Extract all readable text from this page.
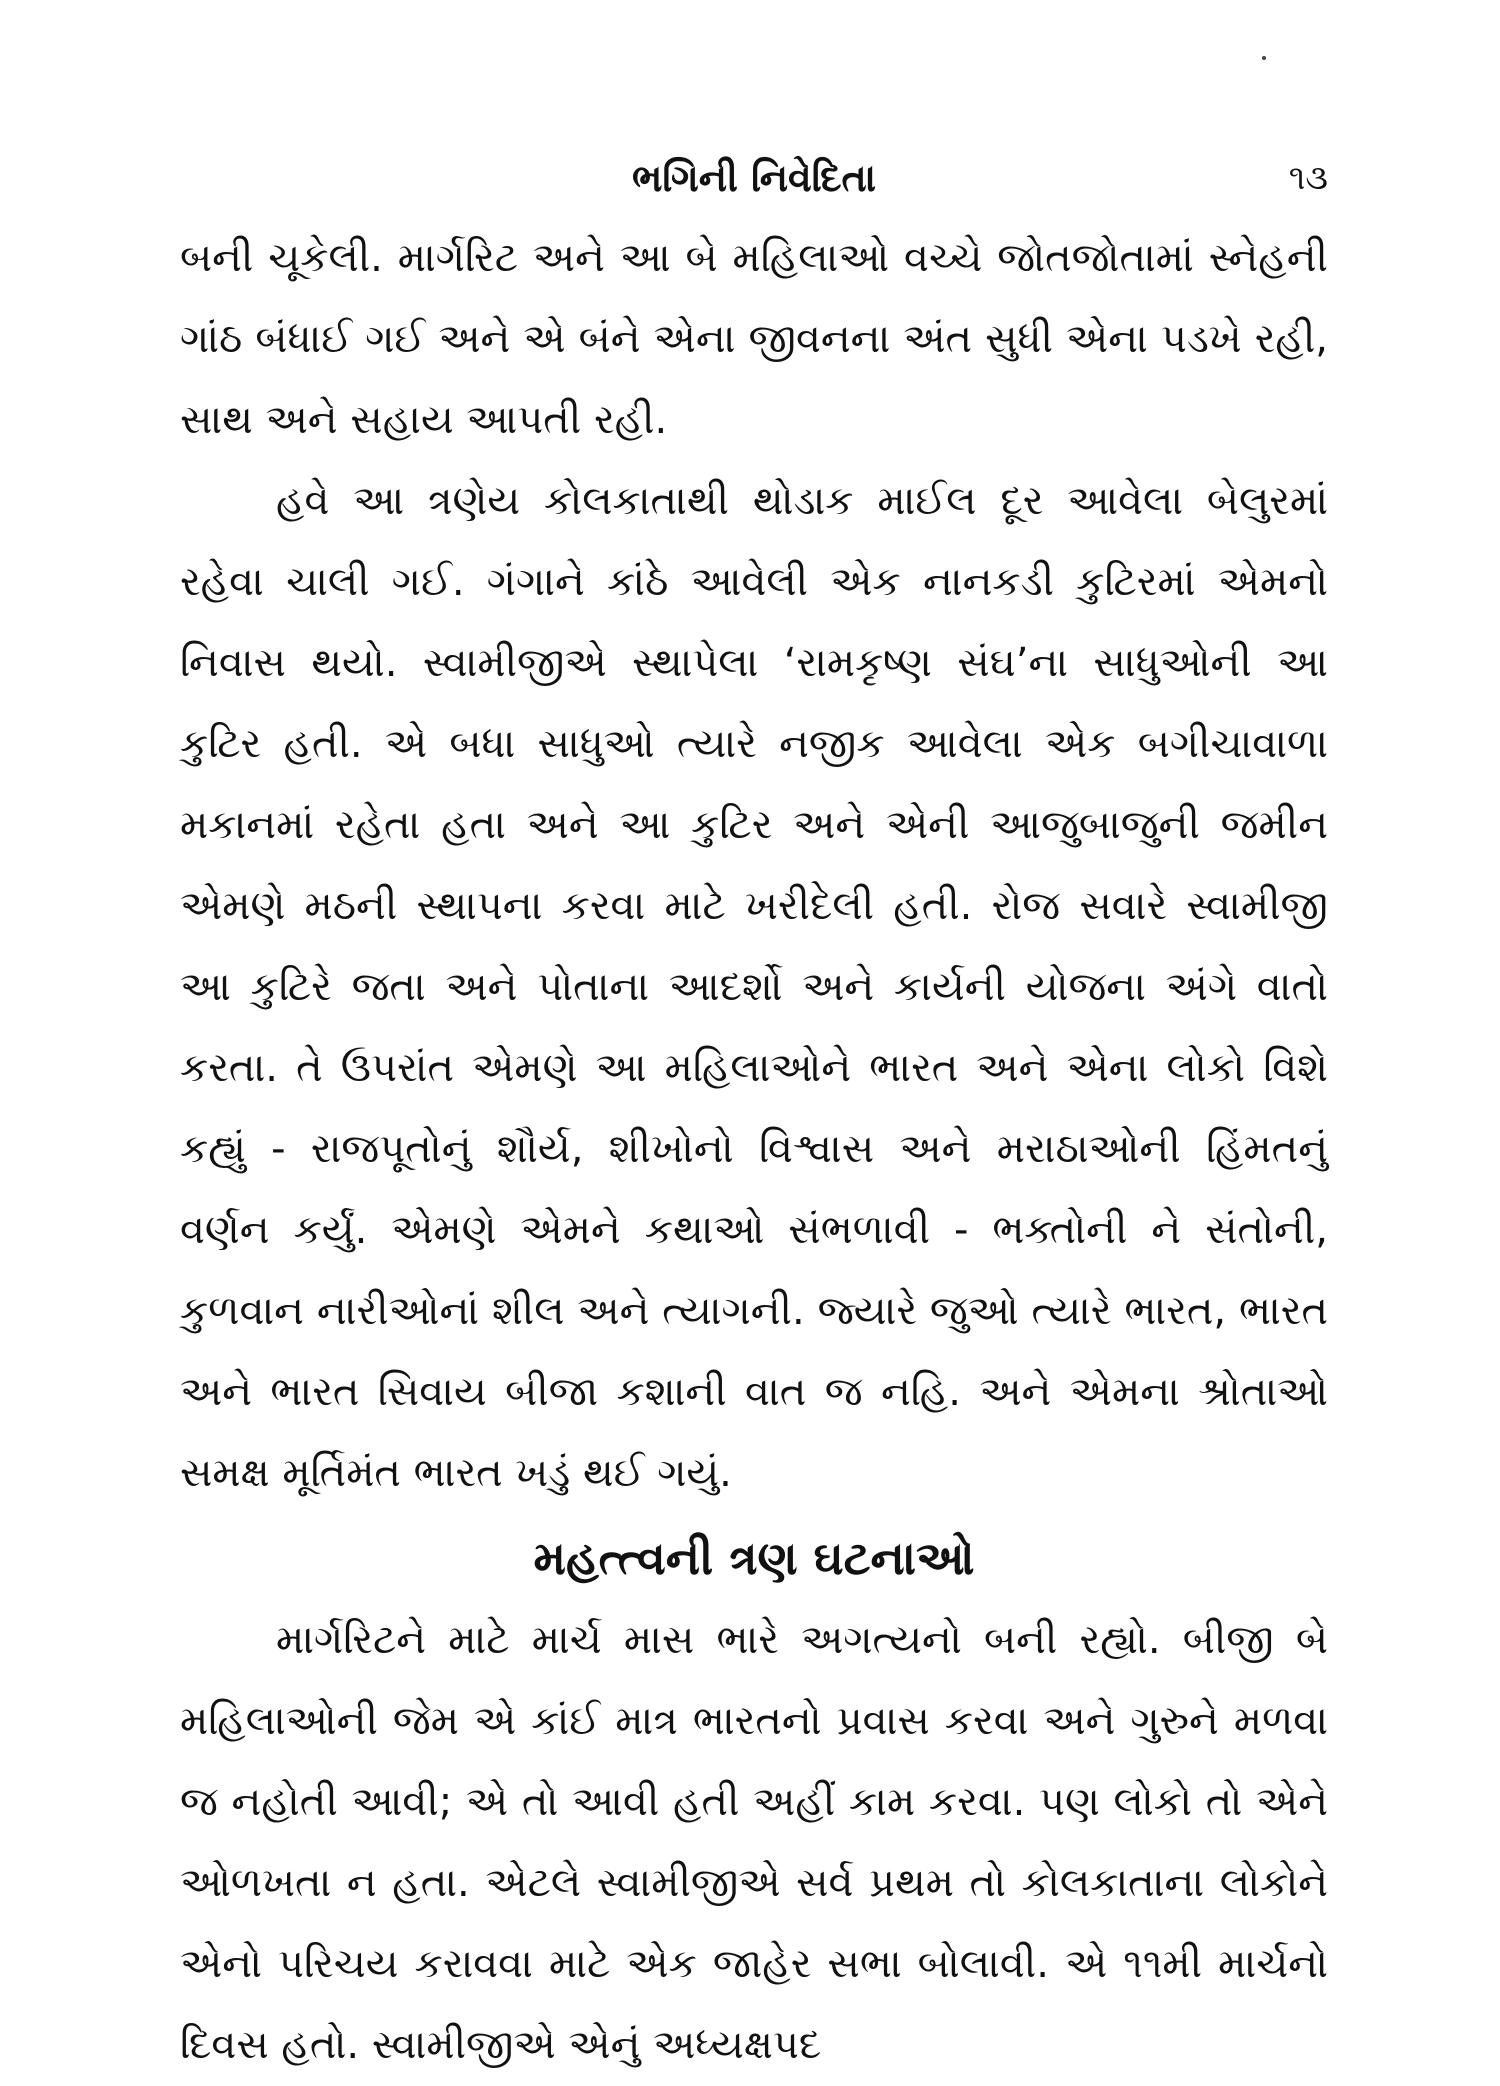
ભગિની નિવેદિતા	૧૩

બની ચૂકેલી. માર્ગરિટ અને આ બે મહિલાઓ વચ્ચે જોતજોતામાં સ્નેહની ગાંઠ બંધાઈ ગઈ અને એ બંને એના જીવનના અંત સુધી એના પડખે રહી, સાથ અને સહાય આપતી રહી.

હવે આ ત્રણેય કોલકાતાથી થોડાક માઈલ દૂર આવેલા બેલુરમાં રહેવા ચાલી ગઈ. ગંગાને કાંઠે આવેલી એક નાનકડી કુટિરમાં એમનો નિવાસ થયો. સ્વામીજીએ સ્થાપેલા ‘રામકૃષ્ણ સંઘ’ના સાધુઓની આ કુટિર હતી. એ બધા સાધુઓ ત્યારે નજીક આવેલા એક બગીચાવાળા મકાનમાં રહેતા હતા અને આ કુટિર અને એની આજુબાજુની જમીન એમણે મઠની સ્થાપના કરવા માટે ખરીદેલી હતી. રોજ સવારે સ્વામીજી આ કુટિરે જતા અને પોતાના આદર્શો અને કાર્યની યોજના અંગે વાતો કરતા. તે ઉપરાંત એમણે આ મહિલાઓને ભારત અને એના લોકો વિશે કહ્યું - રાજપૂતોનું શૌર્ય, શીખોનો વિશ્વાસ અને મરાઠાઓની હિંમતનું વર્ણન કર્યું. એમણે એમને કથાઓ સંભળાવી - ભક્તોની ને સંતોની, કુળવાન નારીઓનાં શીલ અને ત્યાગની. જ્યારે જુઓ ત્યારે ભારત, ભારત અને ભારત સિવાય બીજા કશાની વાત જ નહિ. અને એમના શ્રોતાઓ સમક્ષ મૂર્તિમંત ભારત ખડું થઈ ગયું.

મહત્ત્વની ત્રણ ઘટનાઓ

માર્ગરિટને માટે માર્ચ માસ ભારે અગત્યનો બની રહ્યો. બીજી બે મહિલાઓની જેમ એ કાંઈ માત્ર ભારતનો પ્રવાસ કરવા અને ગુરુને મળવા જ નહોતી આવી; એ તો આવી હતી અહીં કામ કરવા. પણ લોકો તો એને ઓળખતા ન હતા. એટલે સ્વામીજીએ સર્વ પ્રથમ તો કોલકાતાના લોકોને એનો પરિચય કરાવવા માટે એક જાહેર સભા બોલાવી. એ ૧૧મી માર્ચનો દિવસ હતો. સ્વામીજીએ એનું અધ્યક્ષપદ
